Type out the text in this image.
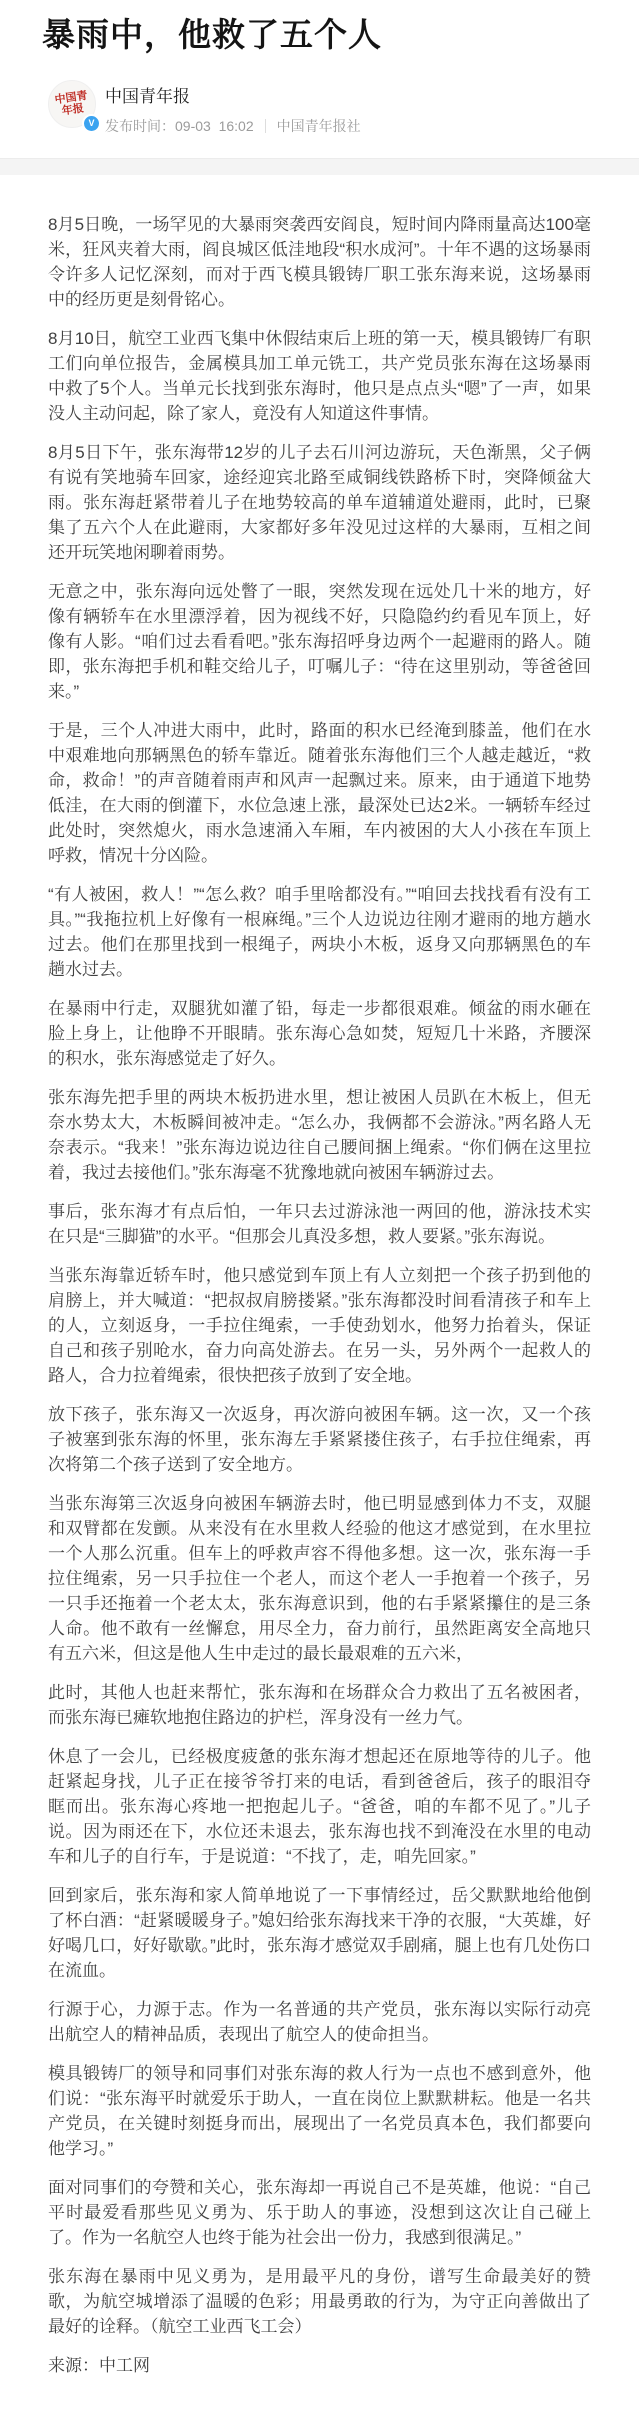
暴雨中，他救了五个人
中国青年报
V
中国青年报
发布时间：09-03  16:02 中国青年报社

8月5日晚，一场罕见的大暴雨突袭西安阎良，短时间内降雨量高达100毫米，狂风夹着大雨，阎良城区低洼地段“积水成河”。十年不遇的这场暴雨令许多人记忆深刻，而对于西飞模具锻铸厂职工张东海来说，这场暴雨中的经历更是刻骨铭心。

8月10日，航空工业西飞集中休假结束后上班的第一天，模具锻铸厂有职工们向单位报告，金属模具加工单元铣工，共产党员张东海在这场暴雨中救了5个人。当单元长找到张东海时，他只是点点头“嗯”了一声，如果没人主动问起，除了家人，竟没有人知道这件事情。

8月5日下午，张东海带12岁的儿子去石川河边游玩，天色渐黑，父子俩有说有笑地骑车回家，途经迎宾北路至咸铜线铁路桥下时，突降倾盆大雨。张东海赶紧带着儿子在地势较高的单车道辅道处避雨，此时，已聚集了五六个人在此避雨，大家都好多年没见过这样的大暴雨，互相之间还开玩笑地闲聊着雨势。

无意之中，张东海向远处瞥了一眼，突然发现在远处几十米的地方，好像有辆轿车在水里漂浮着，因为视线不好，只隐隐约约看见车顶上，好像有人影。“咱们过去看看吧。”张东海招呼身边两个一起避雨的路人。随即，张东海把手机和鞋交给儿子，叮嘱儿子：“待在这里别动，等爸爸回来。”

于是，三个人冲进大雨中，此时，路面的积水已经淹到膝盖，他们在水中艰难地向那辆黑色的轿车靠近。随着张东海他们三个人越走越近，“救命，救命！”的声音随着雨声和风声一起飘过来。原来，由于通道下地势低洼，在大雨的倒灌下，水位急速上涨，最深处已达2米。一辆轿车经过此处时，突然熄火，雨水急速涌入车厢，车内被困的大人小孩在车顶上呼救，情况十分凶险。

“有人被困，救人！”“怎么救？咱手里啥都没有。”“咱回去找找看有没有工具。”“我拖拉机上好像有一根麻绳。”三个人边说边往刚才避雨的地方趟水过去。他们在那里找到一根绳子，两块小木板，返身又向那辆黑色的车趟水过去。

在暴雨中行走，双腿犹如灌了铅，每走一步都很艰难。倾盆的雨水砸在脸上身上，让他睁不开眼睛。张东海心急如焚，短短几十米路，齐腰深的积水，张东海感觉走了好久。

张东海先把手里的两块木板扔进水里，想让被困人员趴在木板上，但无奈水势太大，木板瞬间被冲走。“怎么办，我俩都不会游泳。”两名路人无奈表示。“我来！”张东海边说边往自己腰间捆上绳索。“你们俩在这里拉着，我过去接他们。”张东海毫不犹豫地就向被困车辆游过去。

事后，张东海才有点后怕，一年只去过游泳池一两回的他，游泳技术实在只是“三脚猫”的水平。“但那会儿真没多想，救人要紧。”张东海说。

当张东海靠近轿车时，他只感觉到车顶上有人立刻把一个孩子扔到他的肩膀上，并大喊道：“把叔叔肩膀搂紧。”张东海都没时间看清孩子和车上的人，立刻返身，一手拉住绳索，一手使劲划水，他努力抬着头，保证自己和孩子别呛水，奋力向高处游去。在另一头，另外两个一起救人的路人，合力拉着绳索，很快把孩子放到了安全地。

放下孩子，张东海又一次返身，再次游向被困车辆。这一次，又一个孩子被塞到张东海的怀里，张东海左手紧紧搂住孩子，右手拉住绳索，再次将第二个孩子送到了安全地方。

当张东海第三次返身向被困车辆游去时，他已明显感到体力不支，双腿和双臂都在发颤。从来没有在水里救人经验的他这才感觉到，在水里拉一个人那么沉重。但车上的呼救声容不得他多想。这一次，张东海一手拉住绳索，另一只手拉住一个老人，而这个老人一手抱着一个孩子，另一只手还拖着一个老太太，张东海意识到，他的右手紧紧攥住的是三条人命。他不敢有一丝懈怠，用尽全力，奋力前行，虽然距离安全高地只有五六米，但这是他人生中走过的最长最艰难的五六米，

此时，其他人也赶来帮忙，张东海和在场群众合力救出了五名被困者，而张东海已瘫软地抱住路边的护栏，浑身没有一丝力气。

休息了一会儿，已经极度疲惫的张东海才想起还在原地等待的儿子。他赶紧起身找，儿子正在接爷爷打来的电话，看到爸爸后，孩子的眼泪夺眶而出。张东海心疼地一把抱起儿子。“爸爸，咱的车都不见了。”儿子说。因为雨还在下，水位还未退去，张东海也找不到淹没在水里的电动车和儿子的自行车，于是说道：“不找了，走，咱先回家。”

回到家后，张东海和家人简单地说了一下事情经过，岳父默默地给他倒了杯白酒：“赶紧暖暖身子。”媳妇给张东海找来干净的衣服，“大英雄，好好喝几口，好好歇歇。”此时，张东海才感觉双手剧痛，腿上也有几处伤口在流血。

行源于心，力源于志。作为一名普通的共产党员，张东海以实际行动亮出航空人的精神品质，表现出了航空人的使命担当。

模具锻铸厂的领导和同事们对张东海的救人行为一点也不感到意外，他们说：“张东海平时就爱乐于助人，一直在岗位上默默耕耘。他是一名共产党员，在关键时刻挺身而出，展现出了一名党员真本色，我们都要向他学习。”

面对同事们的夸赞和关心，张东海却一再说自己不是英雄，他说：“自己平时最爱看那些见义勇为、乐于助人的事迹，没想到这次让自己碰上了。作为一名航空人也终于能为社会出一份力，我感到很满足。”

张东海在暴雨中见义勇为，是用最平凡的身份，谱写生命最美好的赞歌，为航空城增添了温暖的色彩；用最勇敢的行为，为守正向善做出了最好的诠释。（航空工业西飞工会）

来源：中工网
